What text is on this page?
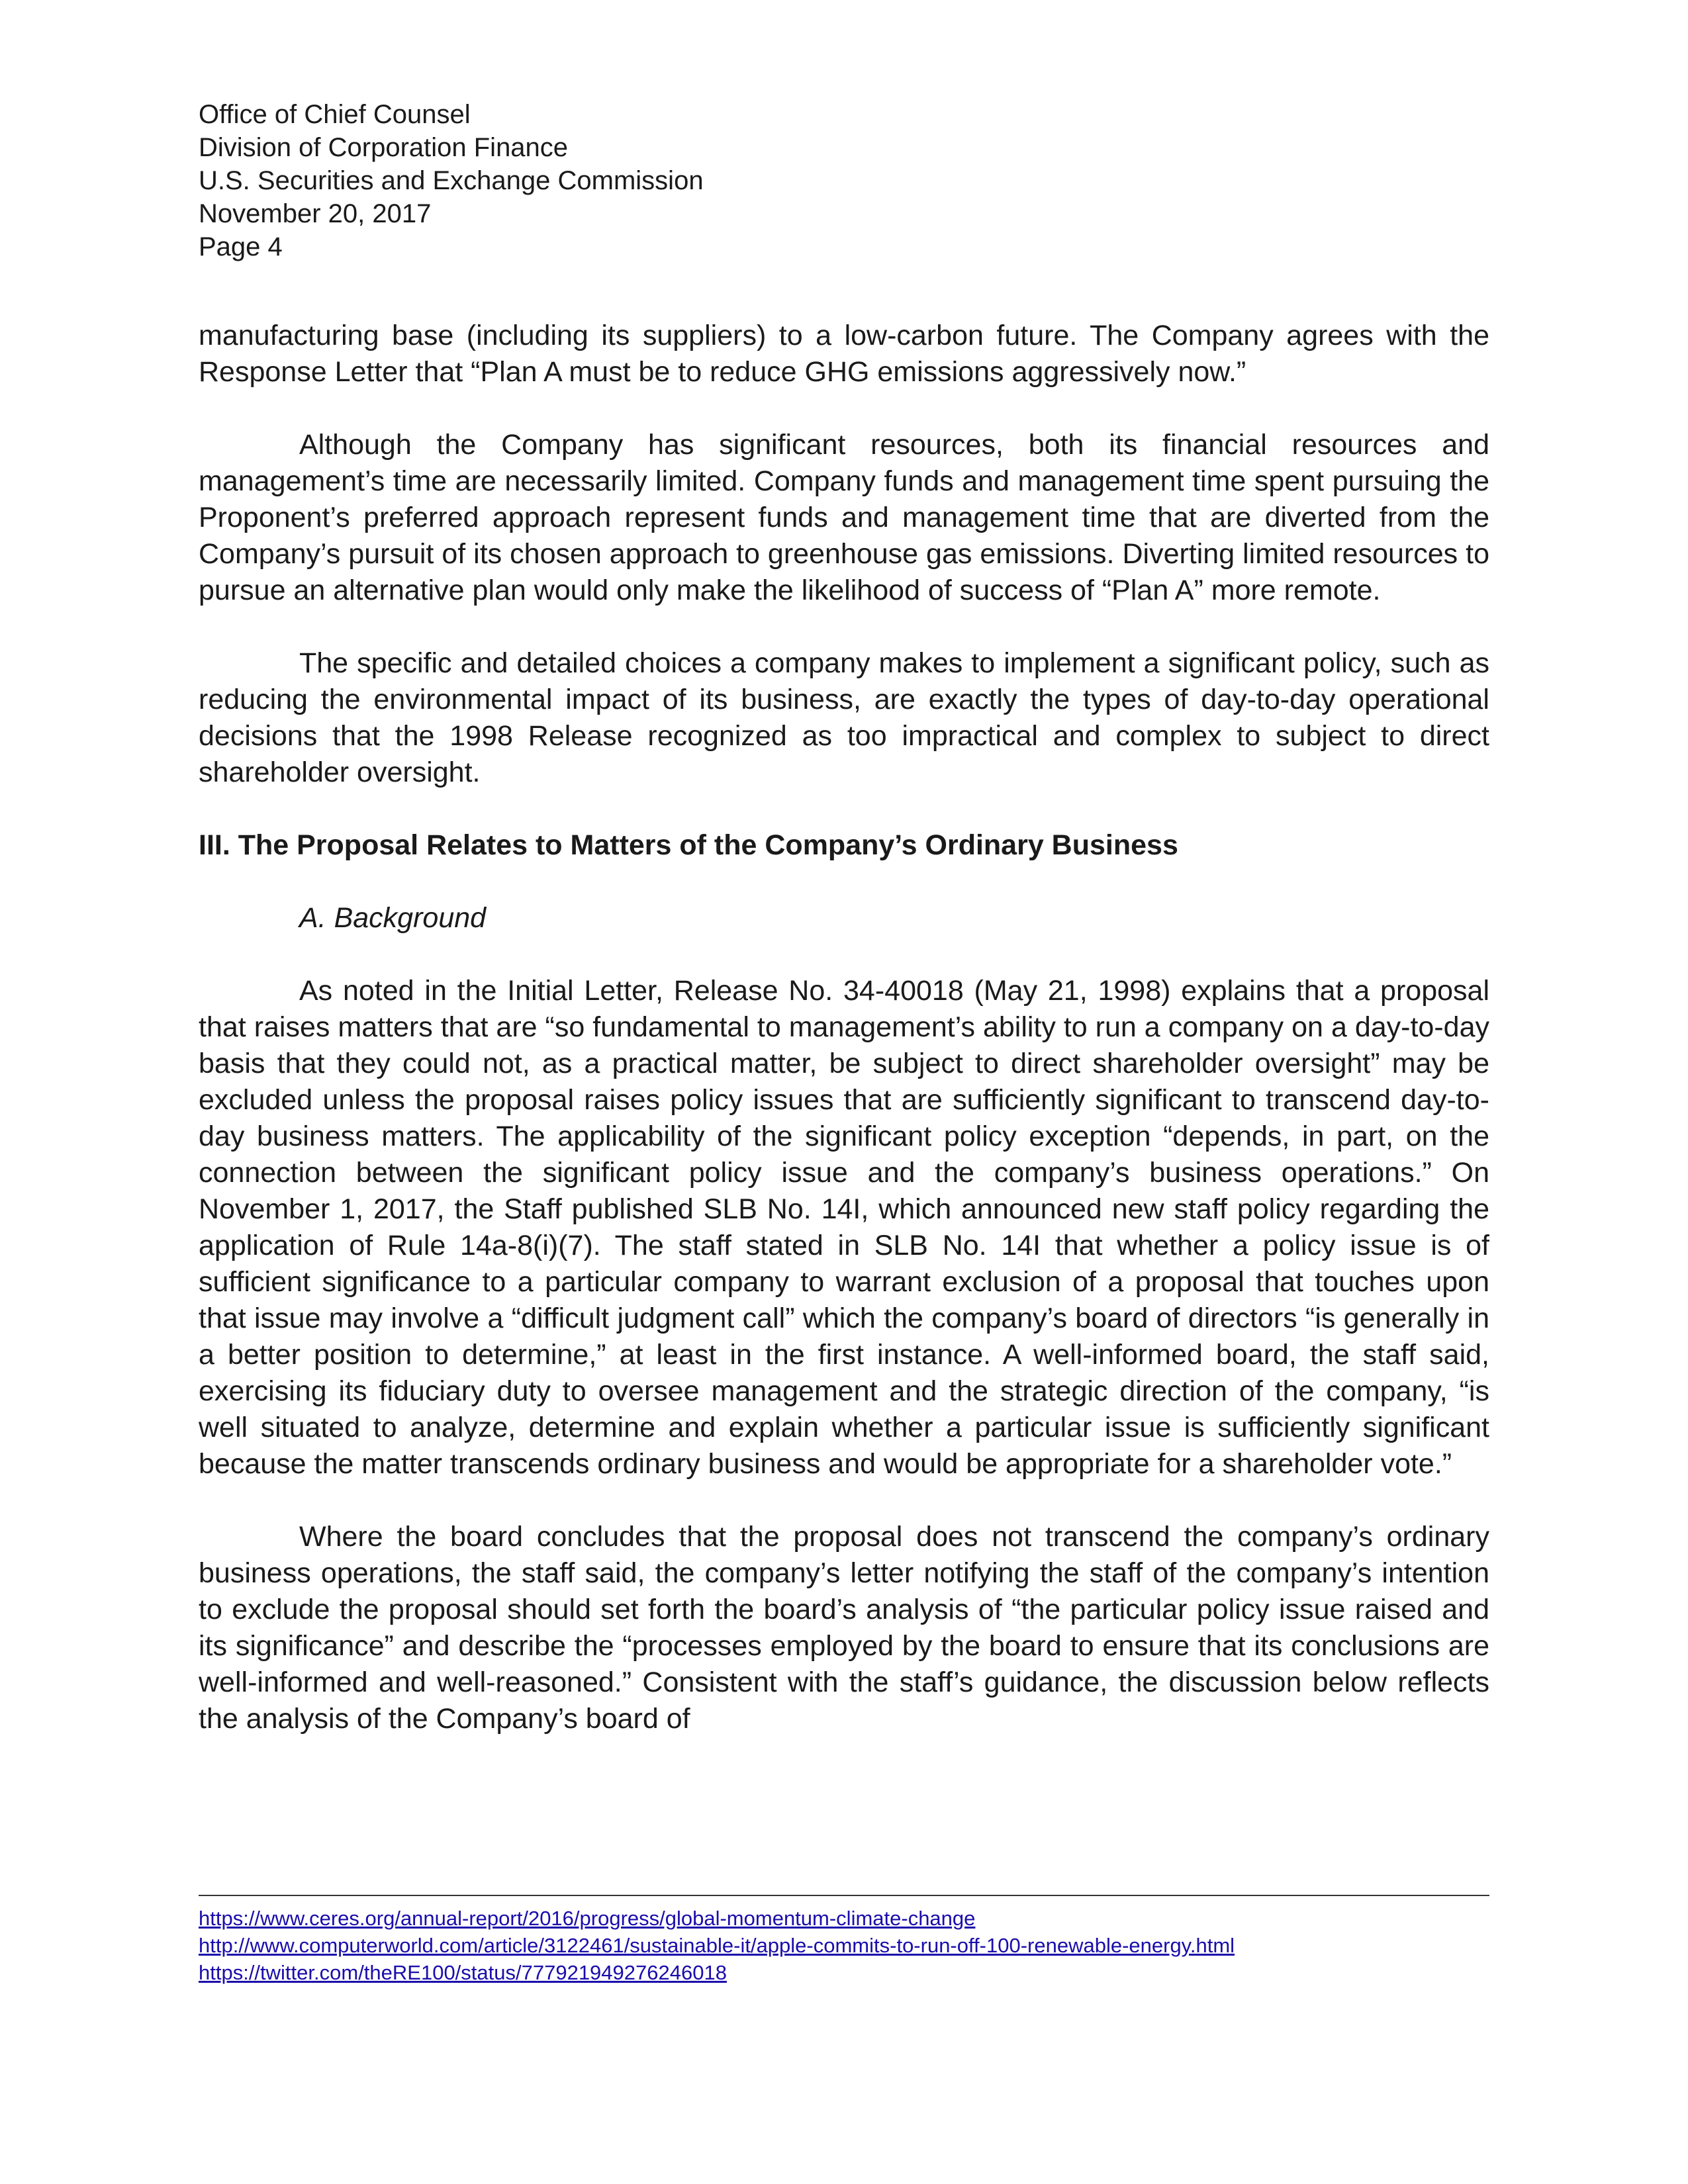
Office of Chief Counsel

Division of Corporation Finance

U.S. Securities and Exchange Commission

November 20, 2017

Page 4

manufacturing base (including its suppliers) to a low-carbon future. The Company agrees with the Response Letter that “Plan A must be to reduce GHG emissions aggressively now.”

Although the Company has significant resources, both its financial resources and management’s time are necessarily limited. Company funds and management time spent pursuing the Proponent’s preferred approach represent funds and management time that are diverted from the Company’s pursuit of its chosen approach to greenhouse gas emissions. Diverting limited resources to pursue an alternative plan would only make the likelihood of success of “Plan A” more remote.

The specific and detailed choices a company makes to implement a significant policy, such as reducing the environmental impact of its business, are exactly the types of day-to-day operational decisions that the 1998 Release recognized as too impractical and complex to subject to direct shareholder oversight.

III. The Proposal Relates to Matters of the Company’s Ordinary Business

A. Background

As noted in the Initial Letter, Release No. 34-40018 (May 21, 1998) explains that a proposal that raises matters that are “so fundamental to management’s ability to run a company on a day-to-day basis that they could not, as a practical matter, be subject to direct shareholder oversight” may be excluded unless the proposal raises policy issues that are sufficiently significant to transcend day-to-day business matters. The applicability of the significant policy exception “depends, in part, on the connection between the significant policy issue and the company’s business operations.” On November 1, 2017, the Staff published SLB No. 14I, which announced new staff policy regarding the application of Rule 14a-8(i)(7). The staff stated in SLB No. 14I that whether a policy issue is of sufficient significance to a particular company to warrant exclusion of a proposal that touches upon that issue may involve a “difficult judgment call” which the company’s board of directors “is generally in a better position to determine,” at least in the first instance. A well-informed board, the staff said, exercising its fiduciary duty to oversee management and the strategic direction of the company, “is well situated to analyze, determine and explain whether a particular issue is sufficiently significant because the matter transcends ordinary business and would be appropriate for a shareholder vote.”

Where the board concludes that the proposal does not transcend the company’s ordinary business operations, the staff said, the company’s letter notifying the staff of the company’s intention to exclude the proposal should set forth the board’s analysis of “the particular policy issue raised and its significance” and describe the “processes employed by the board to ensure that its conclusions are well-informed and well-reasoned.” Consistent with the staff’s guidance, the discussion below reflects the analysis of the Company’s board of

https://www.ceres.org/annual-report/2016/progress/global-momentum-climate-change
http://www.computerworld.com/article/3122461/sustainable-it/apple-commits-to-run-off-100-renewable-energy.html
https://twitter.com/theRE100/status/777921949276246018
